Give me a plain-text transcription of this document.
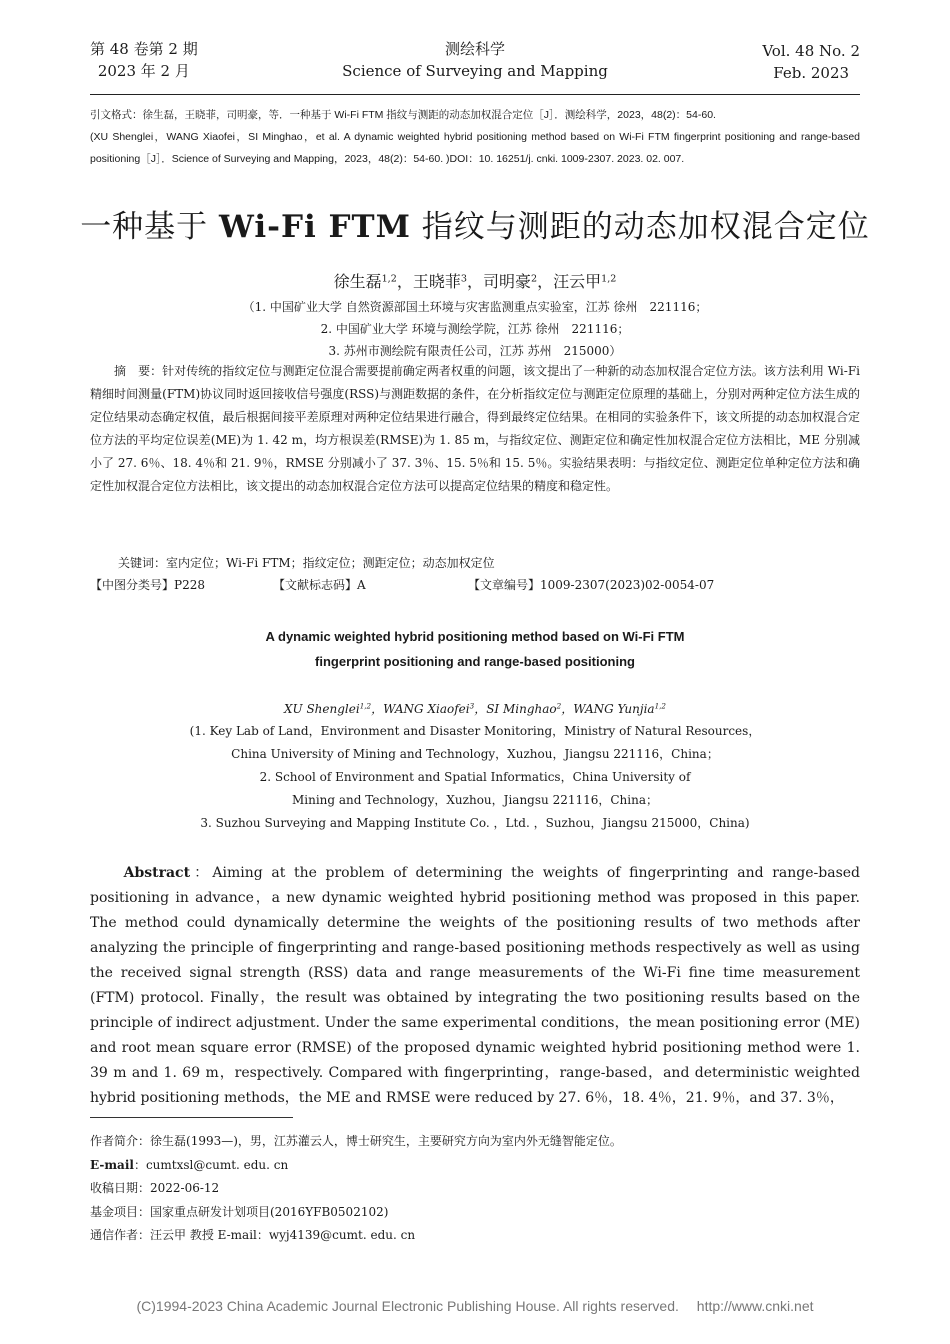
第 48 卷第 2 期
2023 年 2 月
测绘科学
Science of Surveying and Mapping
Vol. 48 No. 2
Feb. 2023
引文格式：徐生磊，王晓菲，司明豪，等．一种基于 Wi-Fi FTM 指纹与测距的动态加权混合定位［J］．测绘科学，2023，48(2)：54-60.
(XU Shenglei，WANG Xiaofei，SI Minghao，et al. A dynamic weighted hybrid positioning method based on Wi-Fi FTM fingerprint positioning and range-based positioning［J］．Science of Surveying and Mapping，2023，48(2)：54-60. )DOI：10. 16251/j. cnki. 1009-2307. 2023. 02. 007.
一种基于 Wi-Fi FTM 指纹与测距的动态加权混合定位
徐生磊$^{1,2}$，王晓菲$^3$，司明豪$^2$，汪云甲$^{1,2}$
（1. 中国矿业大学 自然资源部国土环境与灾害监测重点实验室，江苏 徐州　221116；
2. 中国矿业大学 环境与测绘学院，江苏 徐州　221116；
3. 苏州市测绘院有限责任公司，江苏 苏州　215000）
摘　要：针对传统的指纹定位与测距定位混合需要提前确定两者权重的问题，该文提出了一种新的动态加权混合定位方法。该方法利用 Wi-Fi 精细时间测量(FTM)协议同时返回接收信号强度(RSS)与测距数据的条件，在分析指纹定位与测距定位原理的基础上，分别对两种定位方法生成的定位结果动态确定权值，最后根据间接平差原理对两种定位结果进行融合，得到最终定位结果。在相同的实验条件下，该文所提的动态加权混合定位方法的平均定位误差(ME)为 1. 42 m，均方根误差(RMSE)为 1. 85 m，与指纹定位、测距定位和确定性加权混合定位方法相比，ME 分别减小了 27. 6％、18. 4％和 21. 9％，RMSE 分别减小了 37. 3％、15. 5％和 15. 5％。实验结果表明：与指纹定位、测距定位单种定位方法和确定性加权混合定位方法相比，该文提出的动态加权混合定位方法可以提高定位结果的精度和稳定性。
关键词：室内定位；Wi-Fi FTM；指纹定位；测距定位；动态加权定位
【中图分类号】P228	【文献标志码】A	【文章编号】1009-2307(2023)02-0054-07
A dynamic weighted hybrid positioning method based on Wi-Fi FTM
fingerprint positioning and range-based positioning
XU Shenglei$^{1,2}$，WANG Xiaofei$^3$，SI Minghao$^2$，WANG Yunjia$^{1,2}$
(1. Key Lab of Land，Environment and Disaster Monitoring，Ministry of Natural Resources，
China University of Mining and Technology，Xuzhou，Jiangsu 221116，China；
2. School of Environment and Spatial Informatics，China University of
Mining and Technology，Xuzhou，Jiangsu 221116，China；
3. Suzhou Surveying and Mapping Institute Co. ，Ltd. ，Suzhou，Jiangsu 215000，China)
Abstract：Aiming at the problem of determining the weights of fingerprinting and range-based positioning in advance，a new dynamic weighted hybrid positioning method was proposed in this paper. The method could dynamically determine the weights of the positioning results of two methods after analyzing the principle of fingerprinting and range-based positioning methods respectively as well as using the received signal strength (RSS) data and range measurements of the Wi-Fi fine time measurement (FTM) protocol. Finally，the result was obtained by integrating the two positioning results based on the principle of indirect adjustment. Under the same experimental conditions，the mean positioning error (ME) and root mean square error (RMSE) of the proposed dynamic weighted hybrid positioning method were 1. 39 m and 1. 69 m，respectively. Compared with fingerprinting，range-based，and deterministic weighted hybrid positioning methods，the ME and RMSE were reduced by 27. 6％，18. 4％，21. 9％，and 37. 3％，
作者简介：徐生磊(1993—)，男，江苏灌云人，博士研究生，主要研究方向为室内外无缝智能定位。
E-mail：cumtxsl@cumt. edu. cn
收稿日期：2022-06-12
基金项目：国家重点研发计划项目(2016YFB0502102)
通信作者：汪云甲 教授 E-mail：wyj4139@cumt. edu. cn
(C)1994-2023 China Academic Journal Electronic Publishing House. All rights reserved.　 http://www.cnki.net
